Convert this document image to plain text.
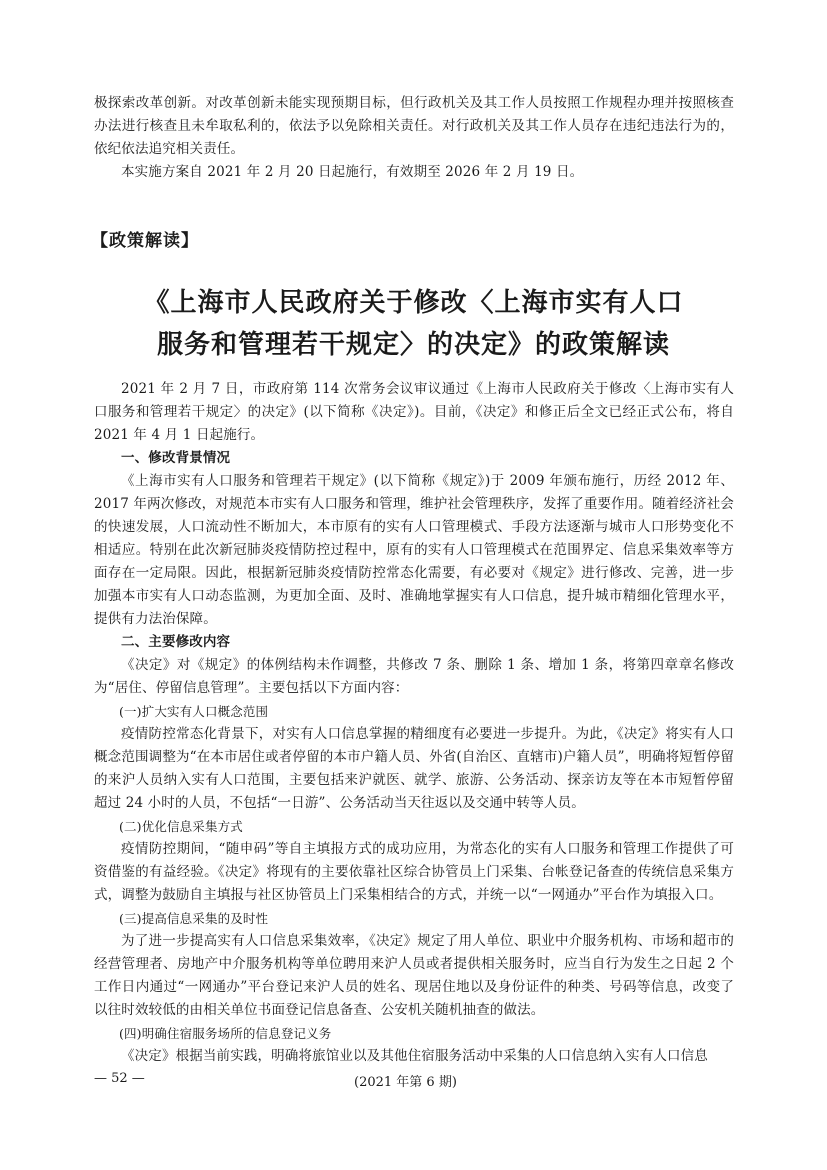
极探索改革创新。对改革创新未能实现预期目标，但行政机关及其工作人员按照工作规程办理并按照核查办法进行核查且未牟取私利的，依法予以免除相关责任。对行政机关及其工作人员存在违纪违法行为的，依纪依法追究相关责任。

本实施方案自 2021 年 2 月 20 日起施行，有效期至 2026 年 2 月 19 日。

【政策解读】
《上海市人民政府关于修改〈上海市实有人口
服务和管理若干规定〉的决定》的政策解读

2021 年 2 月 7 日，市政府第 114 次常务会议审议通过《上海市人民政府关于修改〈上海市实有人口服务和管理若干规定〉的决定》(以下简称《决定》)。目前，《决定》和修正后全文已经正式公布，将自 2021 年 4 月 1 日起施行。

一、修改背景情况

《上海市实有人口服务和管理若干规定》(以下简称《规定》)于 2009 年颁布施行，历经 2012 年、2017 年两次修改，对规范本市实有人口服务和管理，维护社会管理秩序，发挥了重要作用。随着经济社会的快速发展，人口流动性不断加大，本市原有的实有人口管理模式、手段方法逐渐与城市人口形势变化不相适应。特别在此次新冠肺炎疫情防控过程中，原有的实有人口管理模式在范围界定、信息采集效率等方面存在一定局限。因此，根据新冠肺炎疫情防控常态化需要，有必要对《规定》进行修改、完善，进一步加强本市实有人口动态监测，为更加全面、及时、准确地掌握实有人口信息，提升城市精细化管理水平，提供有力法治保障。

二、主要修改内容

《决定》对《规定》的体例结构未作调整，共修改 7 条、删除 1 条、增加 1 条，将第四章章名修改为“居住、停留信息管理”。主要包括以下方面内容：

(一)扩大实有人口概念范围

疫情防控常态化背景下，对实有人口信息掌握的精细度有必要进一步提升。为此，《决定》将实有人口概念范围调整为“在本市居住或者停留的本市户籍人员、外省(自治区、直辖市)户籍人员”，明确将短暂停留的来沪人员纳入实有人口范围，主要包括来沪就医、就学、旅游、公务活动、探亲访友等在本市短暂停留超过 24 小时的人员，不包括“一日游”、公务活动当天往返以及交通中转等人员。

(二)优化信息采集方式

疫情防控期间，“随申码”等自主填报方式的成功应用，为常态化的实有人口服务和管理工作提供了可资借鉴的有益经验。《决定》将现有的主要依靠社区综合协管员上门采集、台帐登记备查的传统信息采集方式，调整为鼓励自主填报与社区协管员上门采集相结合的方式，并统一以“一网通办”平台作为填报入口。

(三)提高信息采集的及时性

为了进一步提高实有人口信息采集效率，《决定》规定了用人单位、职业中介服务机构、市场和超市的经营管理者、房地产中介服务机构等单位聘用来沪人员或者提供相关服务时，应当自行为发生之日起 2 个工作日内通过“一网通办”平台登记来沪人员的姓名、现居住地以及身份证件的种类、号码等信息，改变了以往时效较低的由相关单位书面登记信息备查、公安机关随机抽查的做法。

(四)明确住宿服务场所的信息登记义务

《决定》根据当前实践，明确将旅馆业以及其他住宿服务活动中采集的人口信息纳入实有人口信息

— 52 —	(2021 年第 6 期)
